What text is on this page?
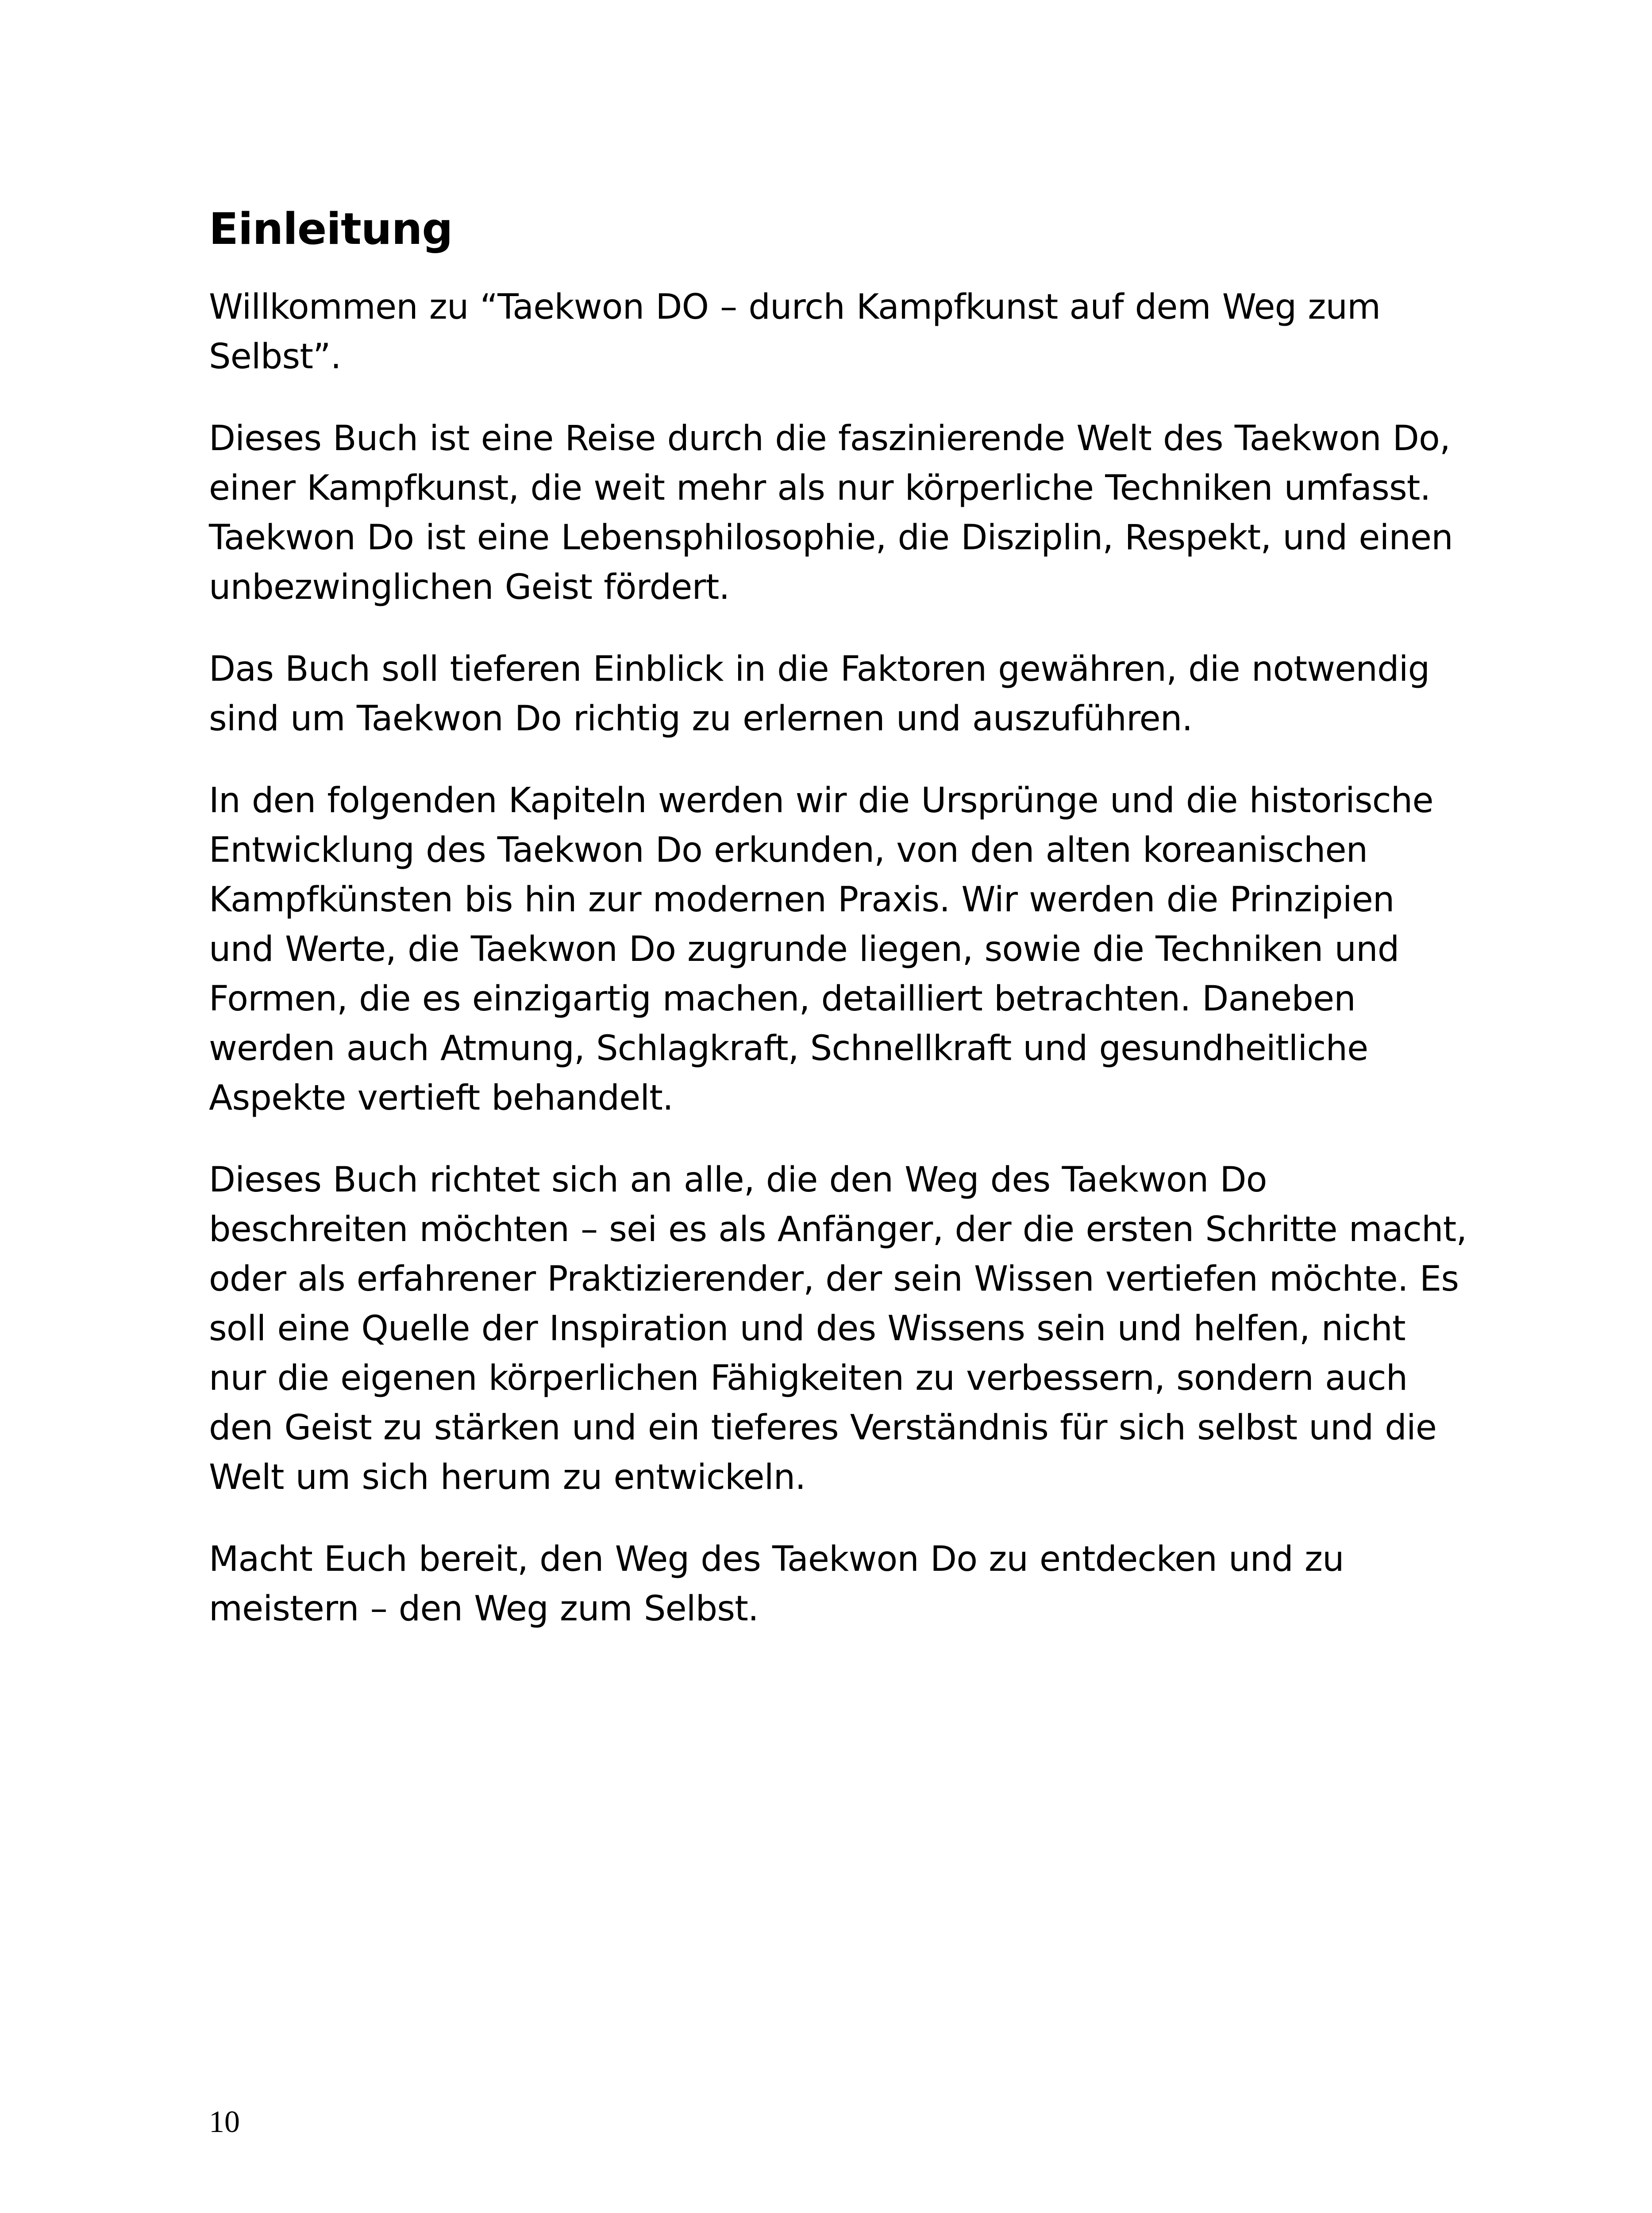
Einleitung

Willkommen zu “Taekwon DO – durch Kampfkunst auf dem Weg zum
Selbst”.

Dieses Buch ist eine Reise durch die faszinierende Welt des Taekwon Do,
einer Kampfkunst, die weit mehr als nur körperliche Techniken umfasst.
Taekwon Do ist eine Lebensphilosophie, die Disziplin, Respekt, und einen
unbezwinglichen Geist fördert.

Das Buch soll tieferen Einblick in die Faktoren gewähren, die notwendig
sind um Taekwon Do richtig zu erlernen und auszuführen.

In den folgenden Kapiteln werden wir die Ursprünge und die historische
Entwicklung des Taekwon Do erkunden, von den alten koreanischen
Kampfkünsten bis hin zur modernen Praxis. Wir werden die Prinzipien
und Werte, die Taekwon Do zugrunde liegen, sowie die Techniken und
Formen, die es einzigartig machen, detailliert betrachten. Daneben
werden auch Atmung, Schlagkraft, Schnellkraft und gesundheitliche
Aspekte vertieft behandelt.

Dieses Buch richtet sich an alle, die den Weg des Taekwon Do
beschreiten möchten – sei es als Anfänger, der die ersten Schritte macht,
oder als erfahrener Praktizierender, der sein Wissen vertiefen möchte. Es
soll eine Quelle der Inspiration und des Wissens sein und helfen, nicht
nur die eigenen körperlichen Fähigkeiten zu verbessern, sondern auch
den Geist zu stärken und ein tieferes Verständnis für sich selbst und die
Welt um sich herum zu entwickeln.

Macht Euch bereit, den Weg des Taekwon Do zu entdecken und zu
meistern – den Weg zum Selbst.

10
